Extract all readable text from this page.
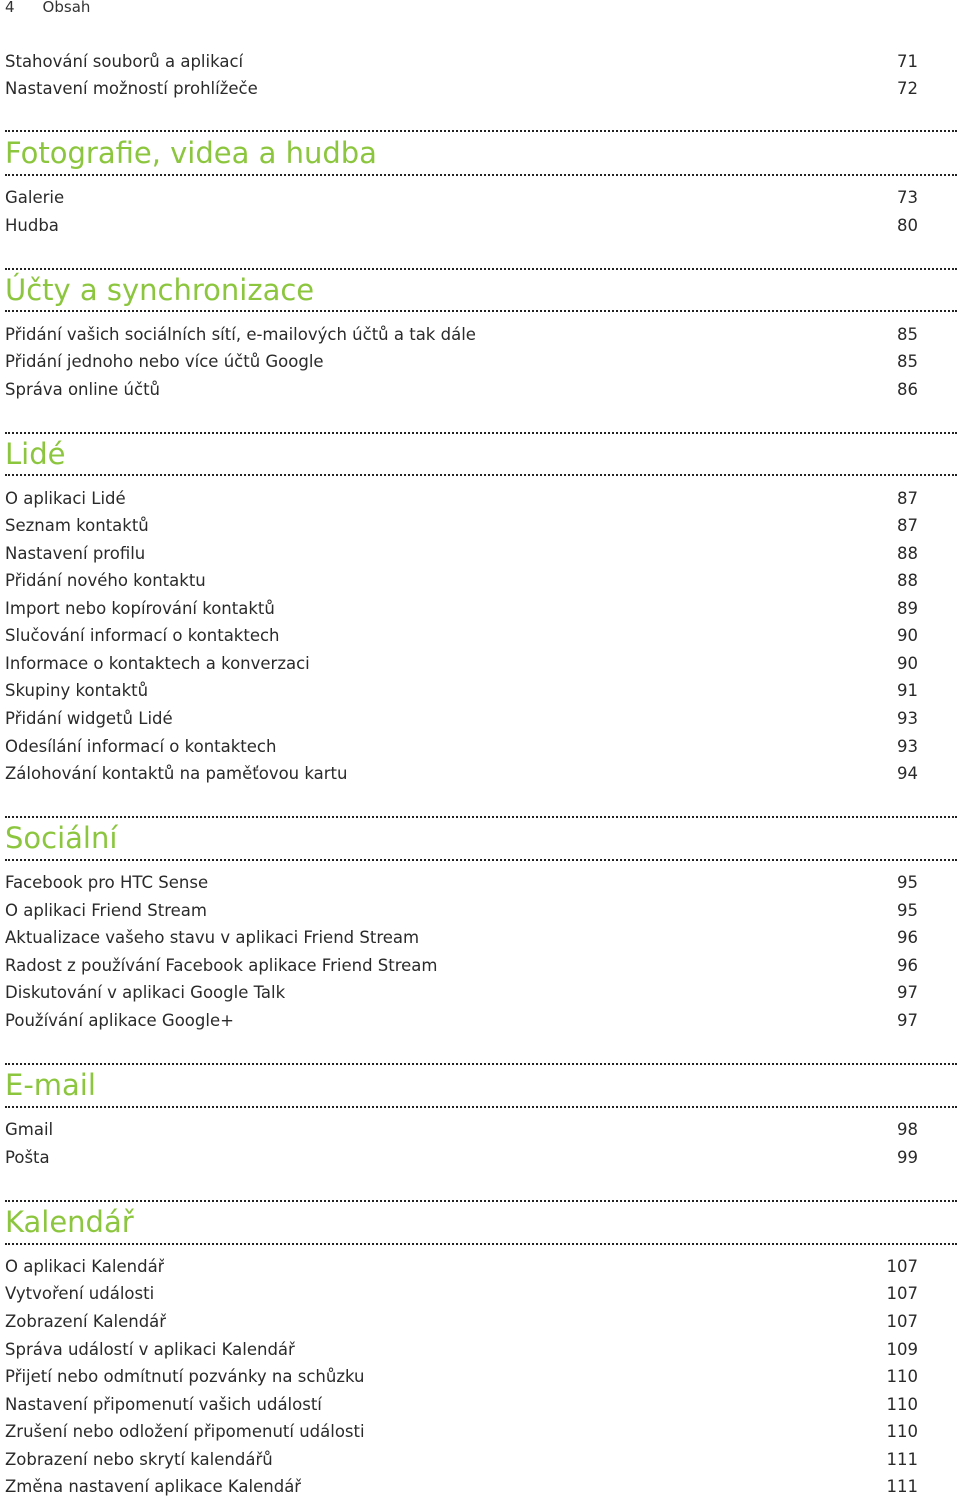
4 Obsah
Stahování souborů a aplikací	71
Nastavení možností prohlížeče	72
Fotografie, videa a hudba
Galerie	73
Hudba	80
Účty a synchronizace
Přidání vašich sociálních sítí, e-mailových účtů a tak dále	85
Přidání jednoho nebo více účtů Google	85
Správa online účtů	86
Lidé
O aplikaci Lidé	87
Seznam kontaktů	87
Nastavení profilu	88
Přidání nového kontaktu	88
Import nebo kopírování kontaktů	89
Slučování informací o kontaktech	90
Informace o kontaktech a konverzaci	90
Skupiny kontaktů	91
Přidání widgetů Lidé	93
Odesílání informací o kontaktech	93
Zálohování kontaktů na paměťovou kartu	94
Sociální
Facebook pro HTC Sense	95
O aplikaci Friend Stream	95
Aktualizace vašeho stavu v aplikaci Friend Stream	96
Radost z používání Facebook aplikace Friend Stream	96
Diskutování v aplikaci Google Talk	97
Používání aplikace Google+	97
E-mail
Gmail	98
Pošta	99
Kalendář
O aplikaci Kalendář	107
Vytvoření události	107
Zobrazení Kalendář	107
Správa událostí v aplikaci Kalendář	109
Přijetí nebo odmítnutí pozvánky na schůzku	110
Nastavení připomenutí vašich událostí	110
Zrušení nebo odložení připomenutí události	110
Zobrazení nebo skrytí kalendářů	111
Změna nastavení aplikace Kalendář	111
